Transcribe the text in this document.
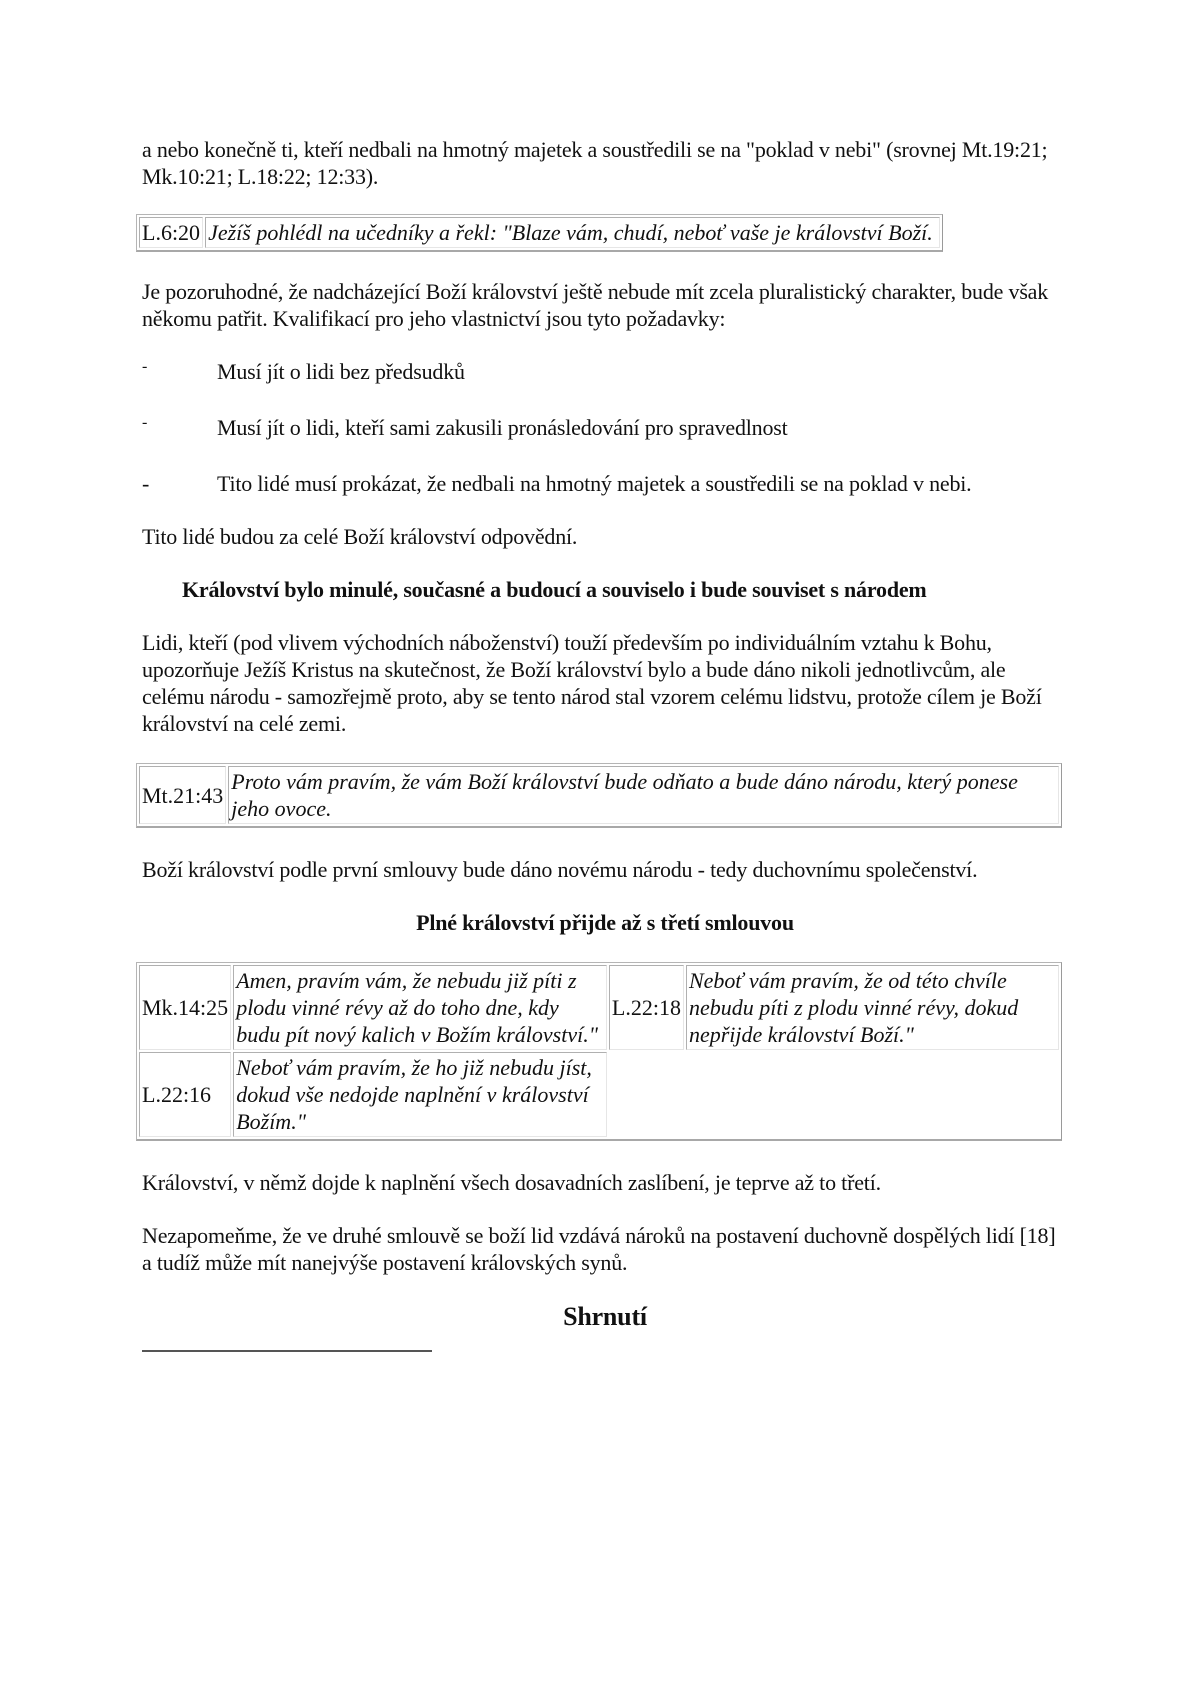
a nebo konečně ti, kteří nedbali na hmotný majetek a soustředili se na "poklad v nebi" (srovnej Mt.19:21; Mk.10:21; L.18:22; 12:33).

L.6:20	Ježíš pohlédl na učedníky a řekl: "Blaze vám, chudí, neboť vaše je království Boží.

Je pozoruhodné, že nadcházející Boží království ještě nebude mít zcela pluralistický charakter, bude však někomu patřit. Kvalifikací pro jeho vlastnictví jsou tyto požadavky:

-	Musí jít o lidi bez předsudků

-	Musí jít o lidi, kteří sami zakusili pronásledování pro spravedlnost

-	Tito lidé musí prokázat, že nedbali na hmotný majetek a soustředili se na poklad v nebi.

Tito lidé budou za celé Boží království odpovědní.

Království bylo minulé, současné a budoucí a souviselo i bude souviset s národem

Lidi, kteří (pod vlivem východních náboženství) touží především po individuálním vztahu k Bohu, upozorňuje Ježíš Kristus na skutečnost, že Boží království bylo a bude dáno nikoli jednotlivcům, ale celému národu - samozřejmě proto, aby se tento národ stal vzorem celému lidstvu, protože cílem je Boží království na celé zemi.

Mt.21:43	Proto vám pravím, že vám Boží království bude odňato a bude dáno národu, který ponese jeho ovoce.

Boží království podle první smlouvy bude dáno novému národu - tedy duchovnímu společenství.

Plné království přijde až s třetí smlouvou
Mk.14:25	Amen, pravím vám, že nebudu již píti z plodu vinné révy až do toho dne, kdy budu pít nový kalich v Božím království."	L.22:18	Neboť vám pravím, že od této chvíle nebudu píti z plodu vinné révy, dokud nepřijde království Boží."
L.22:16	Neboť vám pravím, že ho již nebudu jíst, dokud vše nedojde naplnění v království Božím."		

Království, v němž dojde k naplnění všech dosavadních zaslíbení, je teprve až to třetí.

Nezapomeňme, že ve druhé smlouvě se boží lid vzdává nároků na postavení duchovně dospělých lidí [18] a tudíž může mít nanejvýše postavení královských synů.

Shrnutí
